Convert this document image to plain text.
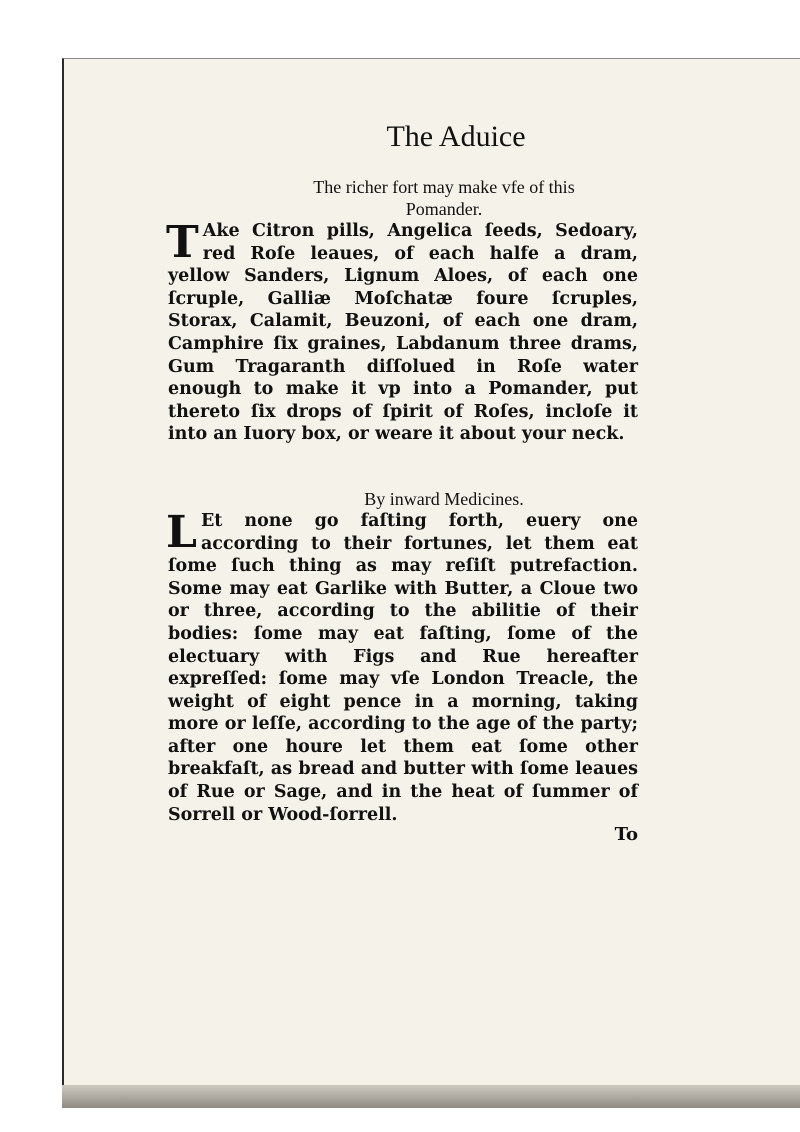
The Aduice

The richer fort may make vfe of this

Pomander.

T Ake Citron pills, Angelica ſeeds, Sedoary, red Roſe leaues, of each halfe a dram, yellow Sanders, Lignum Aloes, of each one ſcruple, Galliæ Moſchatæ foure ſcruples, Storax, Calamit, Beuzoni, of each one dram, Camphire ſix graines, Labdanum three drams, Gum Tragaranth diſſolued in Roſe water enough to make it vp into a Pomander, put thereto ſix drops of ſpirit of Roſes, incloſe it into an Iuory box, or weare it about your neck.

By inward Medicines.

L Et none go faſting forth, euery one according to their fortunes, let them eat ſome ſuch thing as may reſiſt putrefaction. Some may eat Garlike with Butter, a Cloue two or three, according to the abilitie of their bodies: ſome may eat faſting, ſome of the electuary with Figs and Rue hereafter expreſſed: ſome may vſe London Treacle, the weight of eight pence in a morning, taking more or leſſe, according to the age of the party; after one houre let them eat ſome other breakfaſt, as bread and butter with ſome leaues of Rue or Sage, and in the heat of ſummer of Sorrell or Wood-ſorrell.

To
